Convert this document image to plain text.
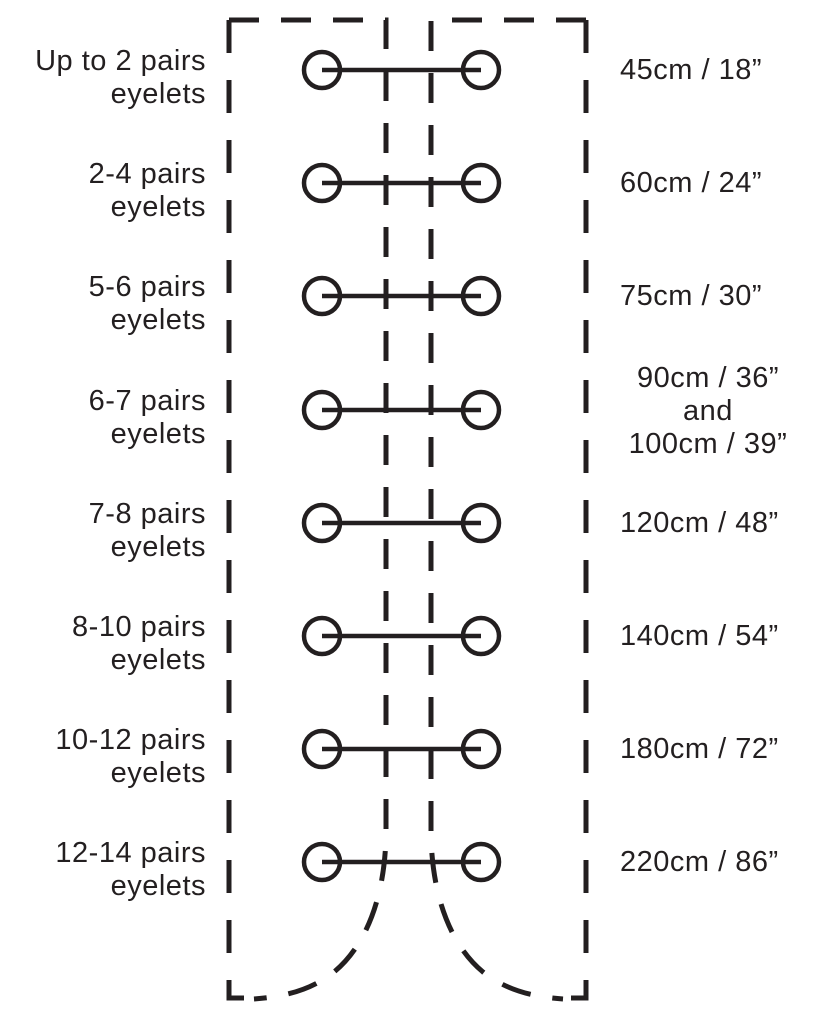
Up to 2 pairs
eyelets
2-4 pairs
eyelets
5-6 pairs
eyelets
6-7 pairs
eyelets
7-8 pairs
eyelets
8-10 pairs
eyelets
10-12 pairs
eyelets
12-14 pairs
eyelets
45cm / 18”
60cm / 24”
75cm / 30”
90cm / 36”
and
100cm / 39”
120cm / 48”
140cm / 54”
180cm / 72”
220cm / 86”
